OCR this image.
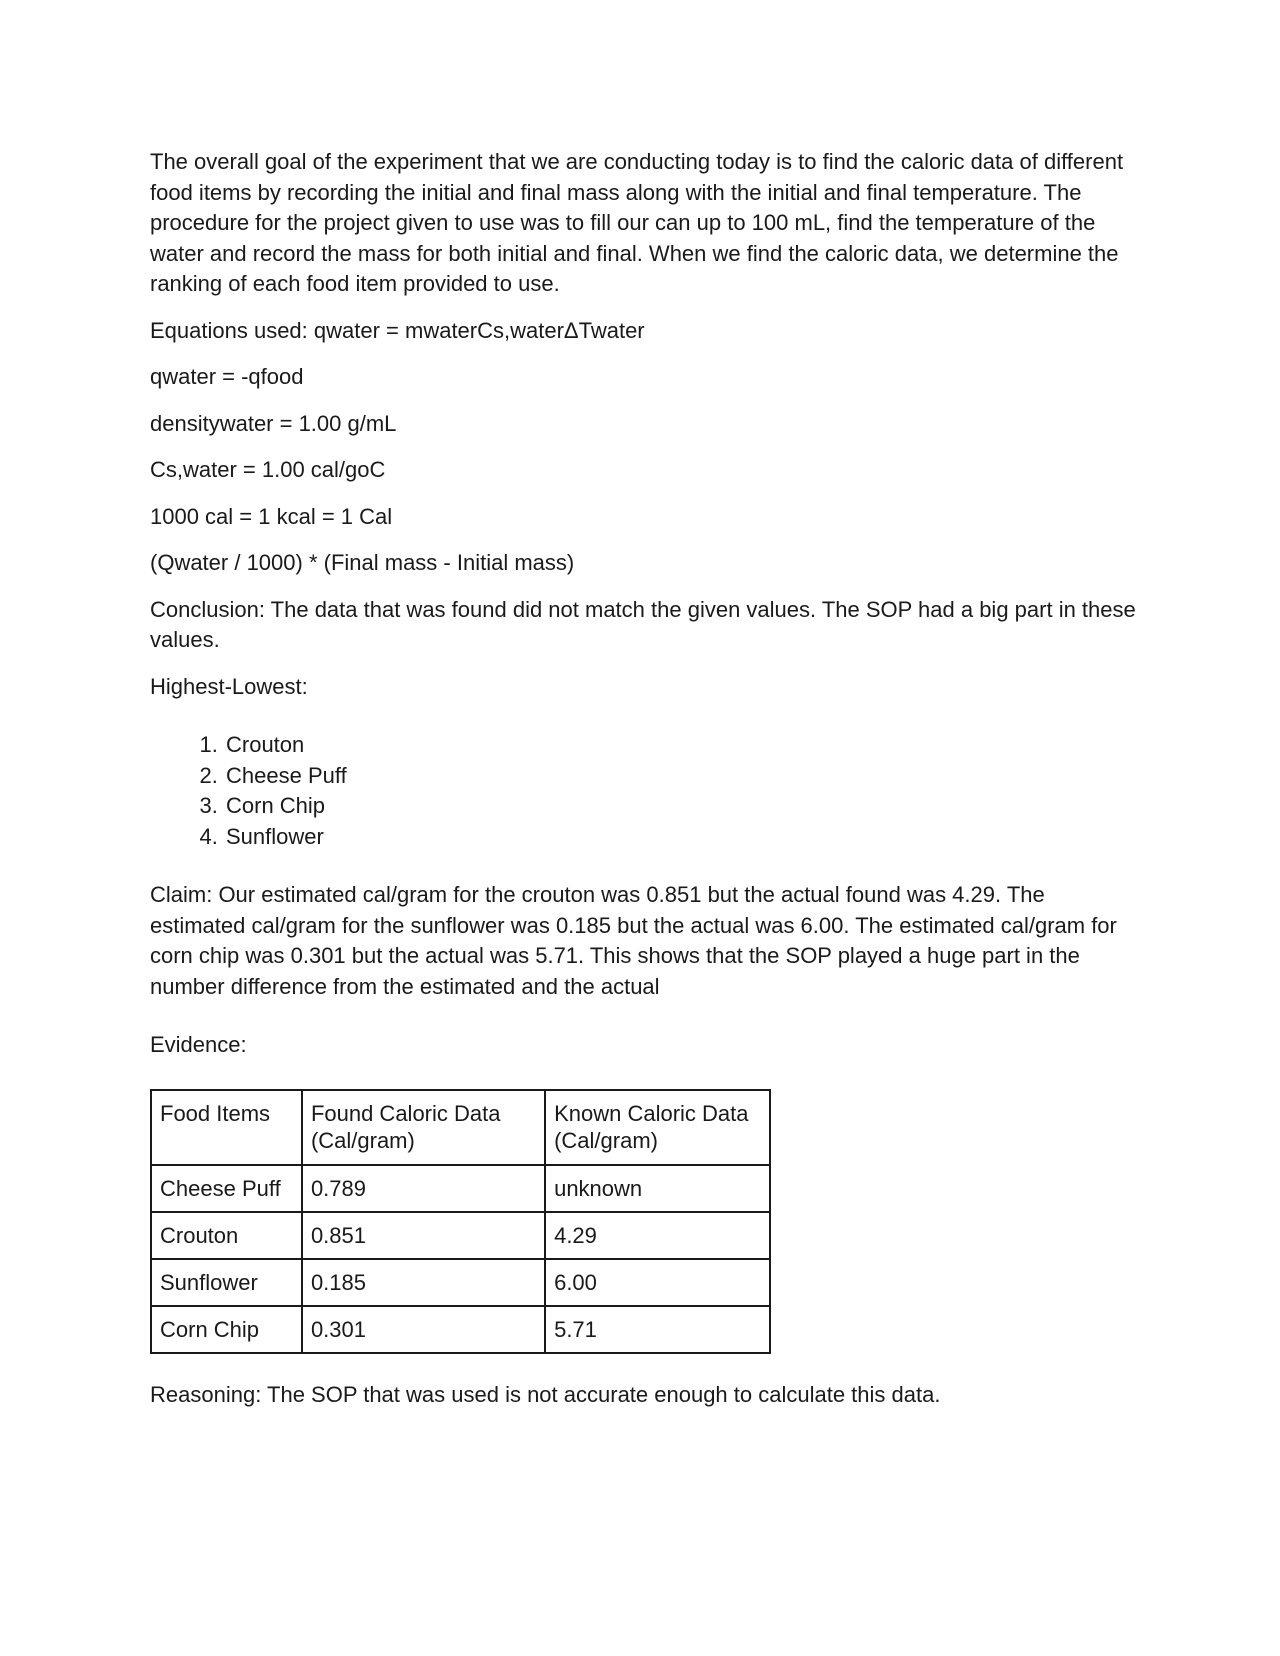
The overall goal of the experiment that we are conducting today is to find the caloric data of different food items by recording the initial and final mass along with the initial and final temperature. The procedure for the project given to use was to fill our can up to 100 mL, find the temperature of the water and record the mass for both initial and final. When we find the caloric data, we determine the ranking of each food item provided to use.

Equations used: qwater = mwaterCs,waterΔTwater

qwater = -qfood

densitywater = 1.00 g/mL

Cs,water = 1.00 cal/goC

1000 cal = 1 kcal = 1 Cal

(Qwater / 1000) * (Final mass - Initial mass)

Conclusion: The data that was found did not match the given values. The SOP had a big part in these values.

Highest-Lowest:

1. Crouton
2. Cheese Puff
3. Corn Chip
4. Sunflower

Claim: Our estimated cal/gram for the crouton was 0.851 but the actual found was 4.29. The estimated cal/gram for the sunflower was 0.185 but the actual was 6.00. The estimated cal/gram for corn chip was 0.301 but the actual was 5.71. This shows that the SOP played a huge part in the number difference from the estimated and the actual

Evidence:

Food Items	Found Caloric Data (Cal/gram)	Known Caloric Data (Cal/gram)
Cheese Puff	0.789	unknown
Crouton	0.851	4.29
Sunflower	0.185	6.00
Corn Chip	0.301	5.71

Reasoning: The SOP that was used is not accurate enough to calculate this data.
